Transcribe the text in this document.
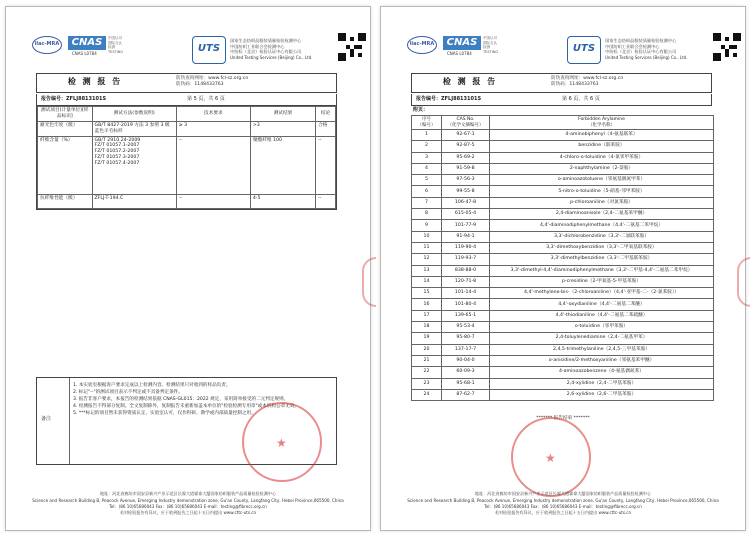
ilac-MRA	CNAS	中国认可
国际互认
检测
TESTING
CNAS L0784	UTS
国家生态纺织品服装质量检验检测中心
中国纺织工业联合会检测中心
中纺标（北京）检验认证中心有限公司
United Testing Services (Beijing) Co., Ltd.
检 测 报 告	防伪查询网址：www.fcl-sz.org.cn
防伪码：1148433763
报告编号：ZFLJ8813101S	第 5 页，共 6 页
测试项目(计量单位)[样品标识]	测试方法(参数说明)	技术要求	测试结果	结论
耐光色牢度（级）	GB/T 8427-2019 方法 3 参照 3 级蓝色羊毛标样	≥ 3	>3	合格
纤维含量（%）	GB/T 2910.24-2009
FZ/T 01057.1-2007
FZ/T 01057.2-2007
FZ/T 01057.3-2007
FZ/T 01057.4-2007	--	聚酯纤维 100	--
抗纤维性能（级）	ZFLJ-T-194.C	--	4-5	--
备注
1. 本实验室根据客户要求完成以上检测内容，检测结果只对收到的样品负责。
2. 标记"--"的测试项目表示不判定或不具备判定条件。
3. 报告非客户要求，本报告的检测结果依据 CNAS-GL015：2022 规定，采用简单接受的二元判定规则。
4. 检测报告不得部分复制。全文复制除外，复制报告未重新加盖本单位的"检验检测专用章"或本机构公章无效。
5. ***标记的项目暂未获得资质认定、实验室认可，仅作科研、教学或内部质量控制之用。
★
地址：河北省廊坊市国安县新兴产业示范区长霖大道霖泰大厦国家纺织服装产品质量检验检测中心
Science and Research Building B, Peacock Avenue, Emerging Industry demonstration zone, Gu'an County, Langfang City, Hebei Province,065500, China
Tel：(86 10)65686043 Fax：(86 10)65686043 E-mail：testing@fibrecc.org.cn
若对检验报告有异议，应于收到报告之日起十五日内提出 www.cttc-uts.cn
ilac-MRA	CNAS	中国认可
国际互认
检测
TESTING
CNAS L0784	UTS
国家生态纺织品服装质量检验检测中心
中国纺织工业联合会检测中心
中纺标（北京）检验认证中心有限公司
United Testing Services (Beijing) Co., Ltd.
检 测 报 告	防伪查询网址：www.fcl-sz.org.cn
防伪码：1148433763
报告编号：ZFLJ8813101S	第 6 页，共 6 页
附页：
序号
（编号）	CAS No.
（化学文摘编号）	Forbidden Arylamine
（化学名称）
1	92-67-1	4-aminobiphenyl（4-氨基联苯）
2	92-87-5	benzidine（联苯胺）
3	95-69-2	4-chloro-o-toluidine（4-氯邻甲苯胺）
4	91-59-8	2-naphthylamine（2-萘胺）
5	97-56-3	o-aminoazotoluene（邻氨基偶氮甲苯）
6	99-55-8	5-nitro-o-toluidine（5-硝基-邻甲苯胺）
7	106-47-8	p-chloroaniline（对氯苯胺）
8	615-05-4	2,4-diaminoanisole（2,4-二氨基苯甲醚）
9	101-77-9	4,4'-diaminodiphenylmethane（4,4'-二氨基二苯甲烷）
10	91-94-1	3,3'-dichlorobenzidine（3,3'-二氯联苯胺）
11	119-90-4	3,3'-dimethoxybenzidine（3,3'-二甲氧基联苯胺）
12	119-93-7	3,3'-dimethylbenzidine（3,3'-二甲基联苯胺）
13	838-88-0	3,3'-dimethyl-4,4'-diaminodiphenylmethane（3,3'-二甲基-4,4'-二氨基二苯甲烷）
14	120-71-8	p-cresidine（2-甲氧基-5-甲基苯胺）
15	101-14-4	4,4'-methylene-bis-（2-chloroaniline）（4,4'-亚甲基-二-（2-氯苯胺））
16	101-80-4	4,4'-oxydianiline（4,4'-二氨基二苯醚）
17	139-65-1	4,4'-thiodianiline（4,4'-二氨基二苯硫醚）
18	95-53-4	o-toluidine（邻甲苯胺）
19	95-80-7	2,4-toluylenediamine（2,4-二氨基甲苯）
20	137-17-7	2,4,5-trimethylaniline（2,4,5-三甲基苯胺）
21	90-04-0	o-anisidine/2-methoxyaniline（邻氨基苯甲醚）
22	60-09-3	4-aminoazobenzene（4-氨基偶氮苯）
23	95-68-1	2,4-xylidine（2,4-二甲基苯胺）
24	87-62-7	2,6-xylidine（2,6-二甲基苯胺）
******* 报告结束 *******
★
地址：河北省廊坊市国安县新兴产业示范区长霖大道霖泰大厦国家纺织服装产品质量检验检测中心
Science and Research Building B, Peacock Avenue, Emerging Industry demonstration zone, Gu'an County, Langfang City, Hebei Province,065500, China
Tel：(86 10)65686043 Fax：(86 10)65686043 E-mail：testing@fibrecc.org.cn
若对检验报告有异议，应于收到报告之日起十五日内提出 www.cttc-uts.cn
